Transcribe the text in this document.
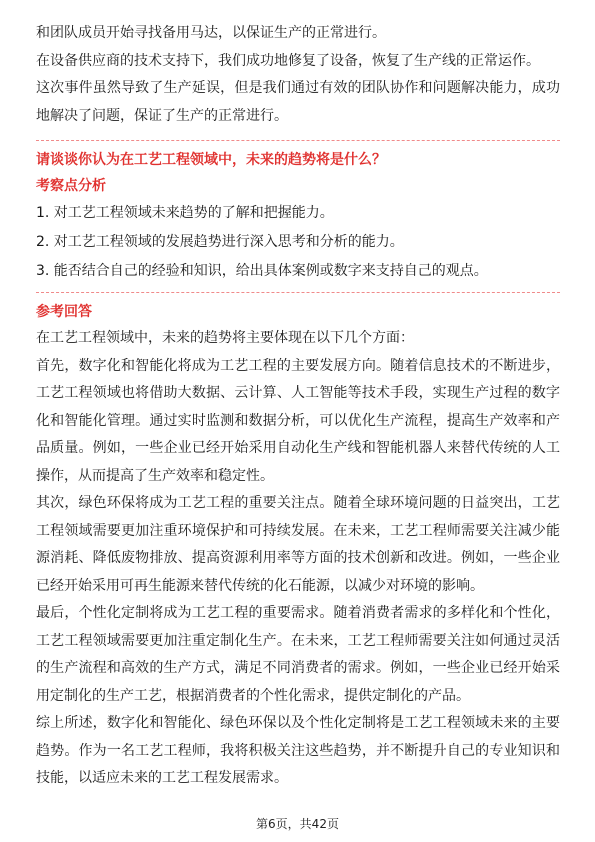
和团队成员开始寻找备用马达，以保证生产的正常进行。

在设备供应商的技术支持下，我们成功地修复了设备，恢复了生产线的正常运作。

这次事件虽然导致了生产延误，但是我们通过有效的团队协作和问题解决能力，成功地解决了问题，保证了生产的正常进行。

请谈谈你认为在工艺工程领域中，未来的趋势将是什么？
考察点分析
1. 对工艺工程领域未来趋势的了解和把握能力。
2. 对工艺工程领域的发展趋势进行深入思考和分析的能力。
3. 能否结合自己的经验和知识，给出具体案例或数字来支持自己的观点。
参考回答

在工艺工程领域中，未来的趋势将主要体现在以下几个方面：

首先，数字化和智能化将成为工艺工程的主要发展方向。随着信息技术的不断进步，工艺工程领域也将借助大数据、云计算、人工智能等技术手段，实现生产过程的数字化和智能化管理。通过实时监测和数据分析，可以优化生产流程，提高生产效率和产品质量。例如，一些企业已经开始采用自动化生产线和智能机器人来替代传统的人工操作，从而提高了生产效率和稳定性。

其次，绿色环保将成为工艺工程的重要关注点。随着全球环境问题的日益突出，工艺工程领域需要更加注重环境保护和可持续发展。在未来，工艺工程师需要关注减少能源消耗、降低废物排放、提高资源利用率等方面的技术创新和改进。例如，一些企业已经开始采用可再生能源来替代传统的化石能源，以减少对环境的影响。

最后，个性化定制将成为工艺工程的重要需求。随着消费者需求的多样化和个性化，工艺工程领域需要更加注重定制化生产。在未来，工艺工程师需要关注如何通过灵活的生产流程和高效的生产方式，满足不同消费者的需求。例如，一些企业已经开始采用定制化的生产工艺，根据消费者的个性化需求，提供定制化的产品。

综上所述，数字化和智能化、绿色环保以及个性化定制将是工艺工程领域未来的主要趋势。作为一名工艺工程师，我将积极关注这些趋势，并不断提升自己的专业知识和技能，以适应未来的工艺工程发展需求。

第6页，共42页
